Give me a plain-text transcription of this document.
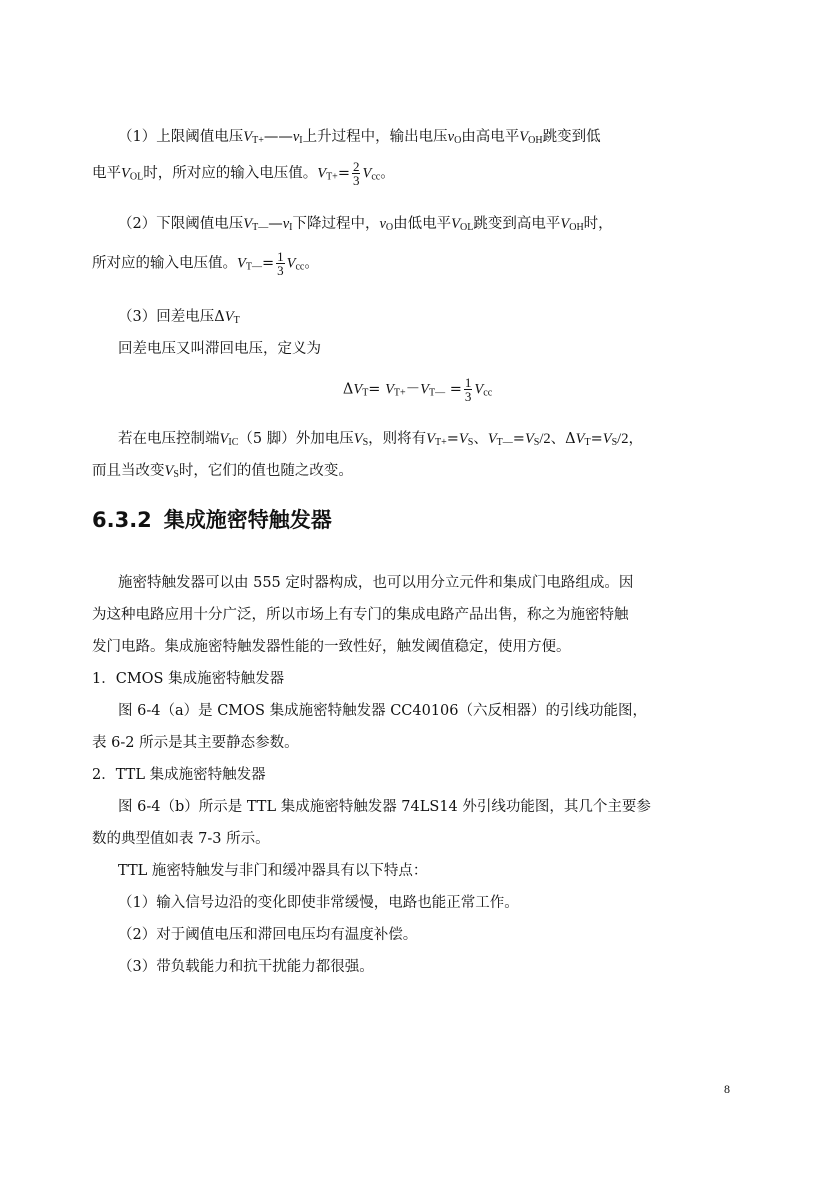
（1）上限阈值电压$V_{T+}——v_I$上升过程中，输出电压$v_O$由高电平$V_{OH}$跳变到低
电平$V_{OL}$时，所对应的输入电压值。$V_{T+}= \frac{2}{3} V_{cc}$。
（2）下限阈值电压$V_{T—}—v_I$下降过程中，$v_O$由低电平$V_{OL}$跳变到高电平$V_{OH}$时，
所对应的输入电压值。$V_{T—}= \frac{1}{3} V_{cc}$。
（3）回差电压$\Delta V_T$
回差电压又叫滞回电压，定义为
$\Delta V_T= V_{T+}-V_{T—} = \frac{1}{3} V_{cc}$
若在电压控制端$V_{IC}(5$ 脚）外加电压$V_S$，则将有$V_{T+}=V_S$、$V_{T—}=V_S/2$、$\Delta V_T=V_S/2$，
而且当改变$V_S$时，它们的值也随之改变。
6.3.2 集成施密特触发器
施密特触发器可以由 555 定时器构成，也可以用分立元件和集成门电路组成。因
为这种电路应用十分广泛，所以市场上有专门的集成电路产品出售，称之为施密特触
发门电路。集成施密特触发器性能的一致性好，触发阈值稳定，使用方便。
1．CMOS 集成施密特触发器
图 6-4（a）是 CMOS 集成施密特触发器 CC40106（六反相器）的引线功能图，
表 6-2 所示是其主要静态参数。
2．TTL 集成施密特触发器
图 6-4（b）所示是 TTL 集成施密特触发器 74LS14 外引线功能图，其几个主要参
数的典型值如表 7-3 所示。
TTL 施密特触发与非门和缓冲器具有以下特点：
（1）输入信号边沿的变化即使非常缓慢，电路也能正常工作。
（2）对于阈值电压和滞回电压均有温度补偿。
（3）带负载能力和抗干扰能力都很强。
8
